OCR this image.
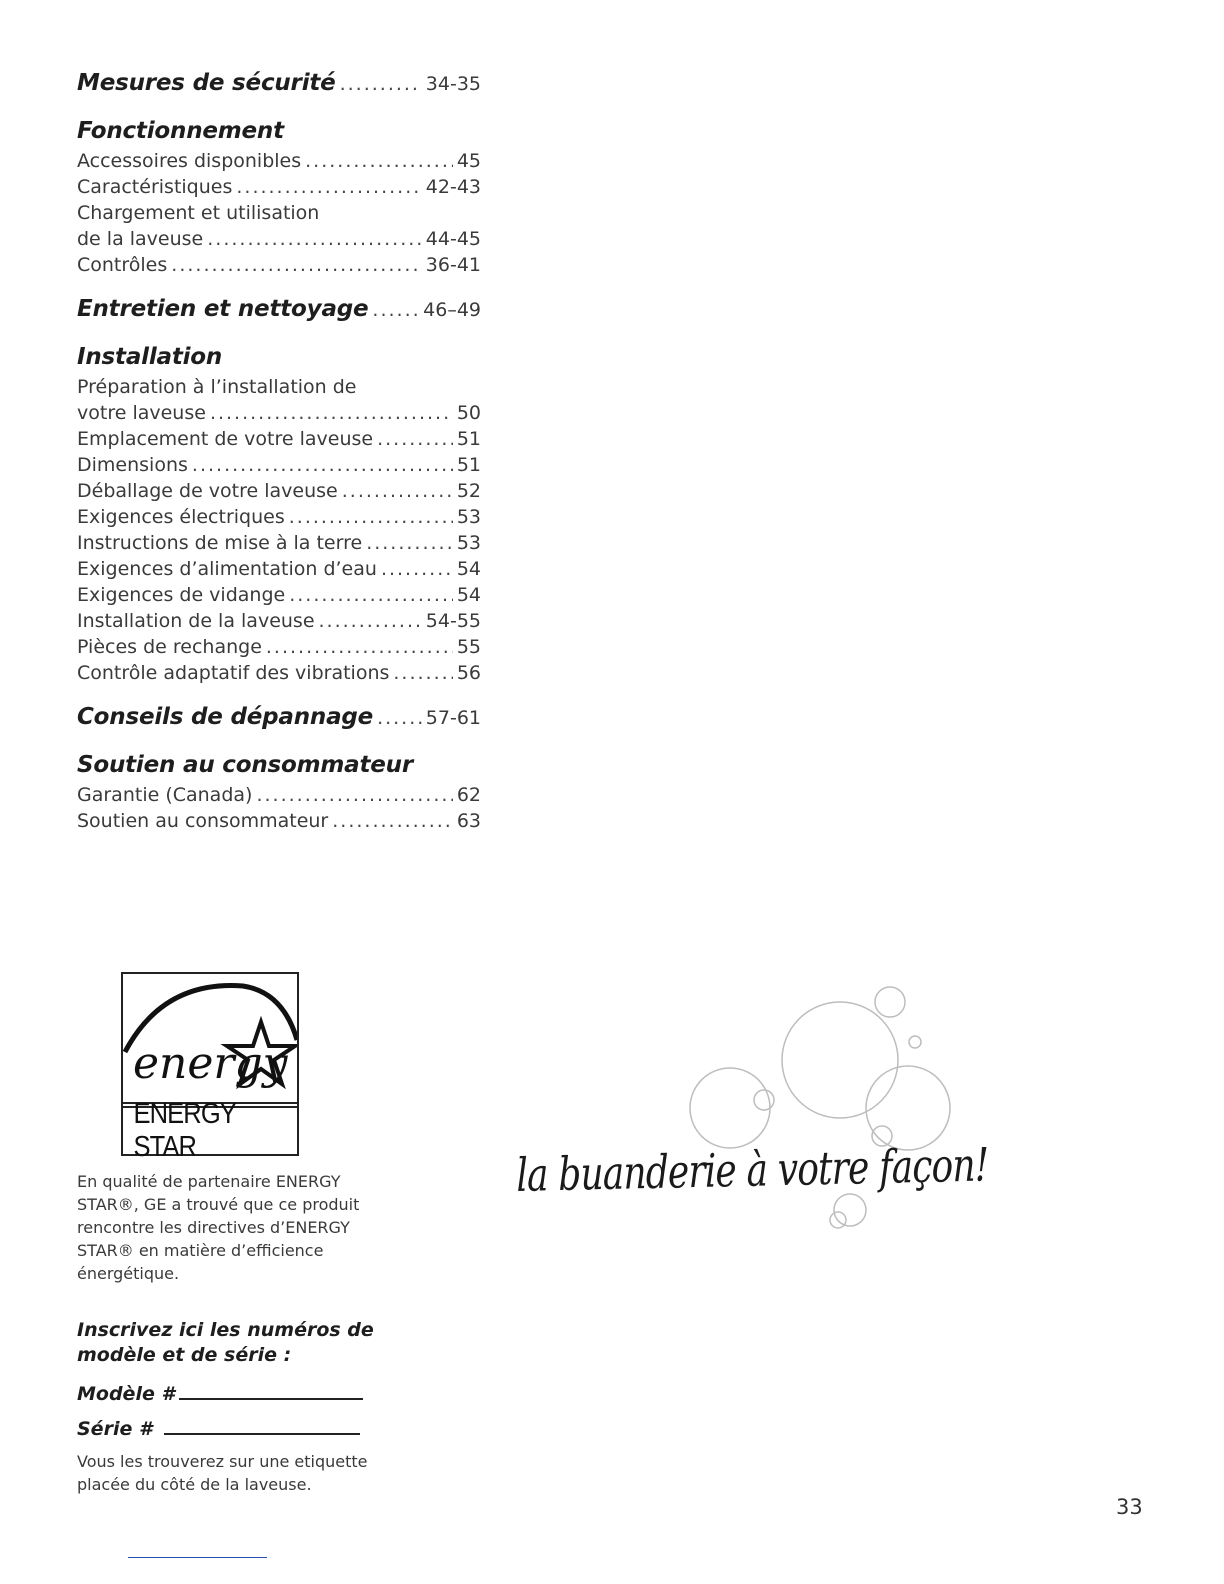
Mesures de sécurité .....	34-35
Fonctionnement
Accessoires disponibles .....	45
Caractéristiques .....	42-43
Chargement et utilisation
de la laveuse .....	44-45
Contrôles .....	36-41
Entretien et nettoyage .....	46–49
Installation
Préparation à l’installation de
votre laveuse .....	50
Emplacement de votre laveuse .....	51
Dimensions .....	51
Déballage de votre laveuse .....	52
Exigences électriques .....	53
Instructions de mise à la terre .....	53
Exigences d’alimentation d’eau .....	54
Exigences de vidange .....	54
Installation de la laveuse .....	54-55
Pièces de rechange .....	55
Contrôle adaptatif des vibrations .....	56
Conseils de dépannage .....	57-61
Soutien au consommateur
Garantie (Canada) .....	62
Soutien au consommateur .....	63
energy
ENERGY STAR
En qualité de partenaire ENERGY STAR®, GE a trouvé que ce produit rencontre les directives d’ENERGY STAR® en matière d’efficience énergétique.
Inscrivez ici les numéros de modèle et de série :
Modèle #
Série #
Vous les trouverez sur une etiquette placée du côté de la laveuse.
la buanderie à votre façon!
33
